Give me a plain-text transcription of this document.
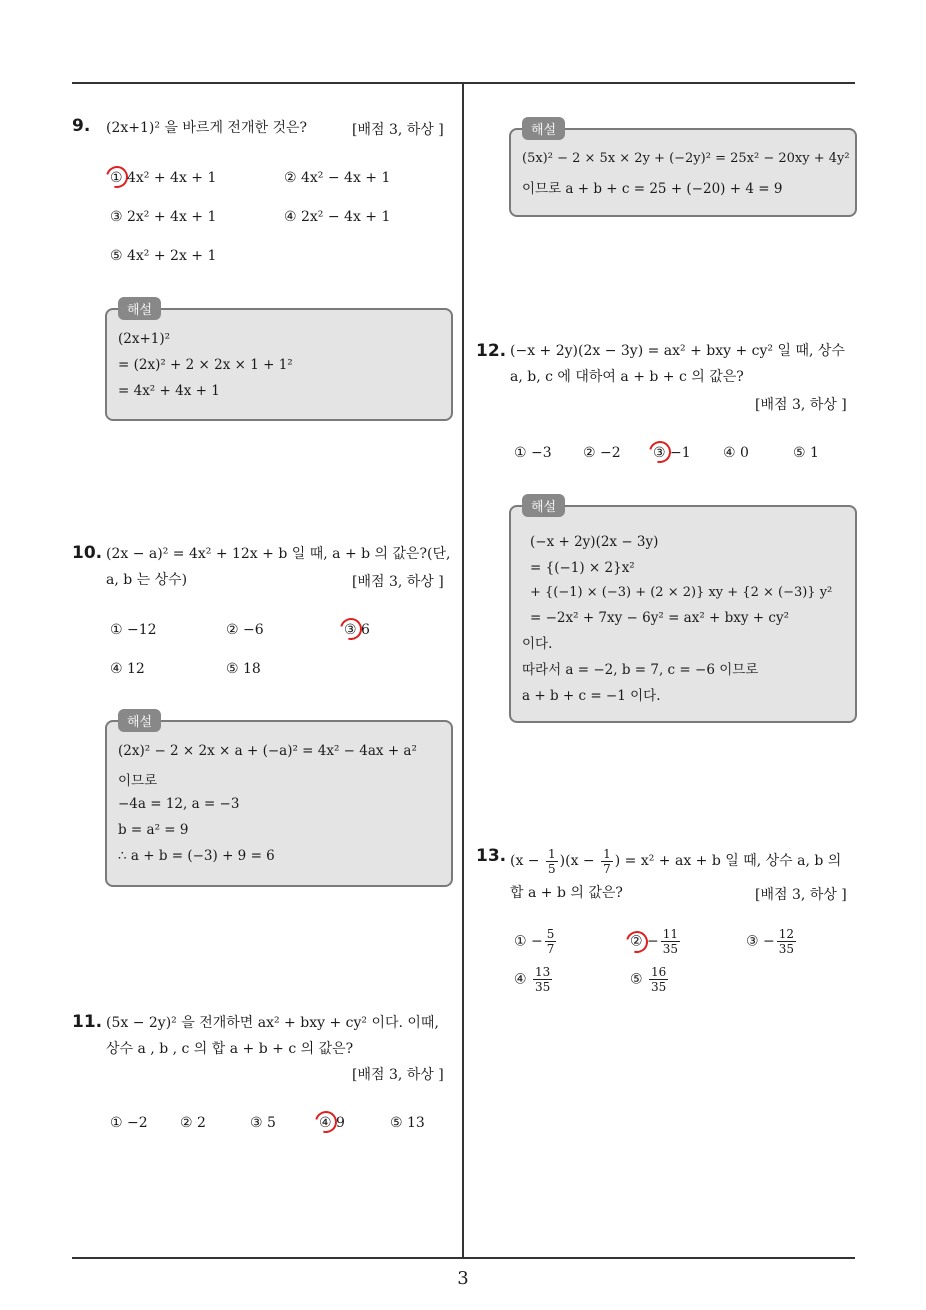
9. (2x+1)² 을 바르게 전개한 것은?	[배점 3, 하상 ]
① 4x² + 4x + 1	② 4x² − 4x + 1
③ 2x² + 4x + 1	④ 2x² − 4x + 1
⑤ 4x² + 2x + 1
해설
(2x+1)²
= (2x)² + 2 × 2x × 1 + 1²
= 4x² + 4x + 1
10. (2x − a)² = 4x² + 12x + b 일 때, a + b 의 값은?(단,
a, b 는 상수)	[배점 3, 하상 ]
① −12	② −6	③ 6
④ 12	⑤ 18
해설
(2x)² − 2 × 2x × a + (−a)² = 4x² − 4ax + a²
이므로
−4a = 12, a = −3
b = a² = 9
∴ a + b = (−3) + 9 = 6
11. (5x − 2y)² 을 전개하면 ax² + bxy + cy² 이다. 이때,
상수 a , b , c 의 합 a + b + c 의 값은?
[배점 3, 하상 ]
① −2 ② 2	③ 5	④ 9	⑤ 13
해설
(5x)² − 2 × 5x × 2y + (−2y)² = 25x² − 20xy + 4y²
이므로 a + b + c = 25 + (−20) + 4 = 9
12. (−x + 2y)(2x − 3y) = ax² + bxy + cy² 일 때, 상수
a, b, c 에 대하여 a + b + c 의 값은?
[배점 3, 하상 ]
① −3 ② −2 ③ −1 ④ 0	⑤ 1
해설
(−x + 2y)(2x − 3y)
= {(−1) × 2}x²
+ {(−1) × (−3) + (2 × 2)} xy + {2 × (−3)} y²
= −2x² + 7xy − 6y² = ax² + bxy + cy²
이다.
따라서 a = −2, b = 7, c = −6 이므로
a + b + c = −1 이다.
13. $(x - \frac{1}{5} )(x - \frac{1}{7}$ ) = x² + ax + b 일 때, 상수 a, b 의
합 a + b 의 값은?	[배점 3, 하상 ]
① − $\frac{5}{7}$	② − $\frac{11}{35}$	③ − $\frac{12}{35}$
④ $\frac{13}{35}$	⑤ $\frac{16}{35}$
3
